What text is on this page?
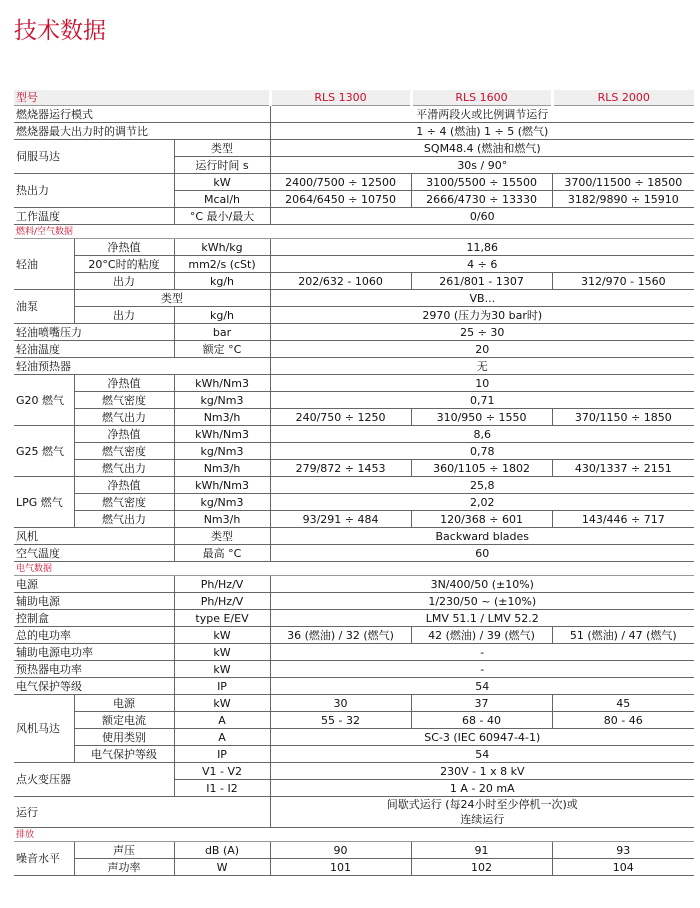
技术数据
型号			RLS 1300	RLS 1600	RLS 2000
燃烧器运行模式			平滑两段火或比例调节运行		
燃烧器最大出力时的调节比			1 ÷ 4 (燃油) 1 ÷ 5 (燃气)		
伺服马达		类型	SQM48.4 (燃油和燃气)		
		运行时间 s	30s / 90°		
热出力		kW	2400/7500 ÷ 12500	3100/5500 ÷ 15500	3700/11500 ÷ 18500
		Mcal/h	2064/6450 ÷ 10750	2666/4730 ÷ 13330	3182/9890 ÷ 15910
工作温度		°C 最小/最大	0/60		
燃料/空气数据					
轻油	净热值	kWh/kg	11,86		
	20°C时的粘度	mm2/s (cSt)	4 ÷ 6		
	出力	kg/h	202/632 - 1060	261/801 - 1307	312/970 - 1560
油泵	类型		VB...		
	出力	kg/h	2970 (压力为30 bar时)		
轻油喷嘴压力		bar	25 ÷ 30		
轻油温度		额定 °C	20		
轻油预热器			无		
G20 燃气	净热值	kWh/Nm3	10		
	燃气密度	kg/Nm3	0,71		
	燃气出力	Nm3/h	240/750 ÷ 1250	310/950 ÷ 1550	370/1150 ÷ 1850
G25 燃气	净热值	kWh/Nm3	8,6		
	燃气密度	kg/Nm3	0,78		
	燃气出力	Nm3/h	279/872 ÷ 1453	360/1105 ÷ 1802	430/1337 ÷ 2151
LPG 燃气	净热值	kWh/Nm3	25,8		
	燃气密度	kg/Nm3	2,02		
	燃气出力	Nm3/h	93/291 ÷ 484	120/368 ÷ 601	143/446 ÷ 717
风机		类型	Backward blades		
空气温度		最高 °C	60		
电气数据					
电源		Ph/Hz/V	3N/400/50 (±10%)		
辅助电源		Ph/Hz/V	1/230/50 ~ (±10%)		
控制盒		type E/EV	LMV 51.1 / LMV 52.2		
总的电功率		kW	36 (燃油) / 32 (燃气)	42 (燃油) / 39 (燃气)	51 (燃油) / 47 (燃气)
辅助电源电功率		kW	-		
预热器电功率		kW	-		
电气保护等级		IP	54		
风机马达	电源	kW	30	37	45
	额定电流	A	55 - 32	68 - 40	80 - 46
	使用类别	A	SC-3 (IEC 60947-4-1)		
	电气保护等级	IP	54		
点火变压器		V1 - V2	230V - 1 x 8 kV		
		I1 - I2	1 A - 20 mA		
运行			间歇式运行 (每24小时至少停机一次)或
连续运行		

排放					
噪音水平	声压	dB (A)	90	91	93
	声功率	W	101	102	104
